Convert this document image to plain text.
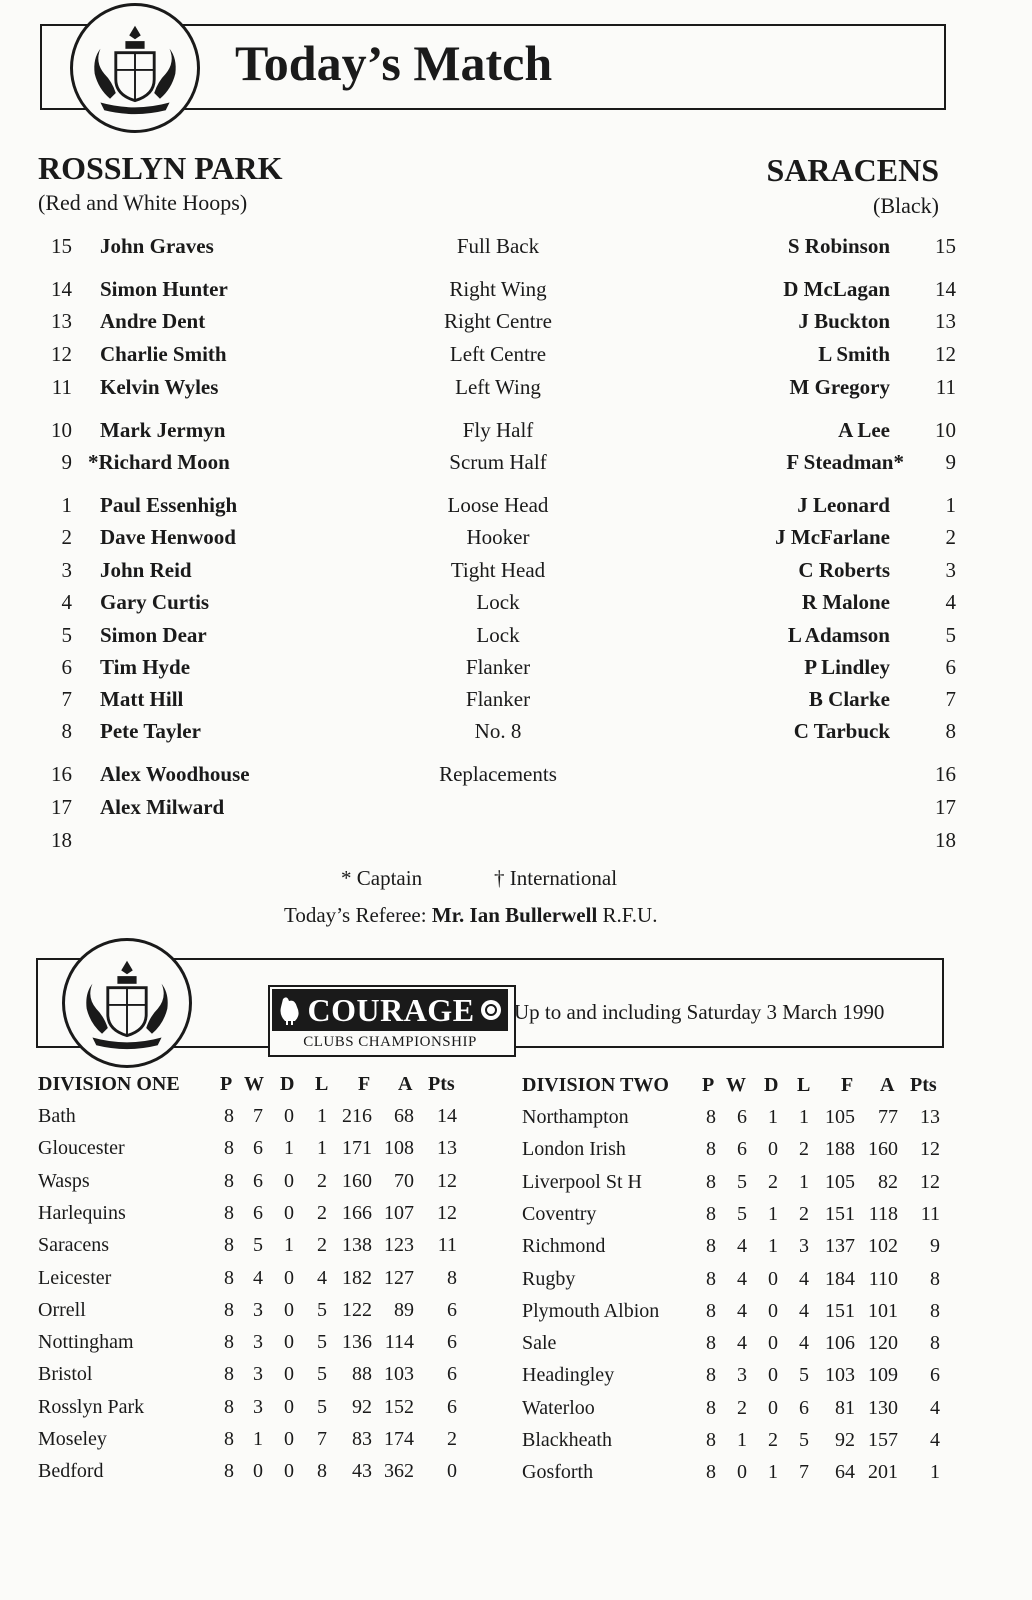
Today’s Match
ROSSLYN PARK
(Red and White Hoops)
SARACENS
(Black)
15 John Graves	Full Back	S Robinson	15
14 Simon Hunter	Right Wing	D McLagan	14
13 Andre Dent	Right Centre	J Buckton	13
12 Charlie Smith	Left Centre	L Smith	12
11 Kelvin Wyles	Left Wing	M Gregory	11
10 Mark Jermyn	Fly Half	A Lee	10
9 *Richard Moon	Scrum Half	F Steadman*	9
1 Paul Essenhigh	Loose Head	J Leonard	1
2 Dave Henwood	Hooker	J McFarlane	2
3 John Reid	Tight Head	C Roberts	3
4 Gary Curtis	Lock	R Malone	4
5 Simon Dear	Lock	L Adamson	5
6 Tim Hyde	Flanker	P Lindley	6
7 Matt Hill	Flanker	B Clarke	7
8 Pete Tayler	No. 8	C Tarbuck	8
16 Alex Woodhouse	Replacements	16
17 Alex Milward	17
18	18
* Captain	† International
Today’s Referee: Mr. Ian Bullerwell R.F.U.
COURAGE
CLUBS CHAMPIONSHIP
Up to and including Saturday 3 March 1990
DIVISION ONE P W D L F A Pts
Bath	8 7	0	1 216	68	14
Gloucester	8 6	1	1 171 108	13
Wasps	8 6	0	2 160	70	12
Harlequins	8 6	0	2 166 107	12
Saracens	8 5	1	2 138 123	11
Leicester	8 4	0	4 182 127	8
Orrell	8 3	0	5 122	89	6
Nottingham	8 3	0	5 136 114	6
Bristol	8 3	0	5	88 103	6
Rosslyn Park	8 3	0	5	92 152	6
Moseley	8 1	0	7	83 174	2
Bedford	8 0	0	8	43 362	0
DIVISION TWO P W D L F A Pts
Northampton	8	6	1	1 105	77	13
London Irish	8	6	0	2 188 160	12
Liverpool St H	8	5	2	1 105	82	12
Coventry	8	5	1	2 151 118	11
Richmond	8	4	1	3 137 102	9
Rugby	8	4	0	4 184 110	8
Plymouth Albion	8	4	0	4 151 101	8
Sale	8	4	0	4 106 120	8
Headingley	8	3	0	5 103 109	6
Waterloo	8	2	0	6	81 130	4
Blackheath	8	1	2	5	92 157	4
Gosforth	8	0	1	7	64 201	1
